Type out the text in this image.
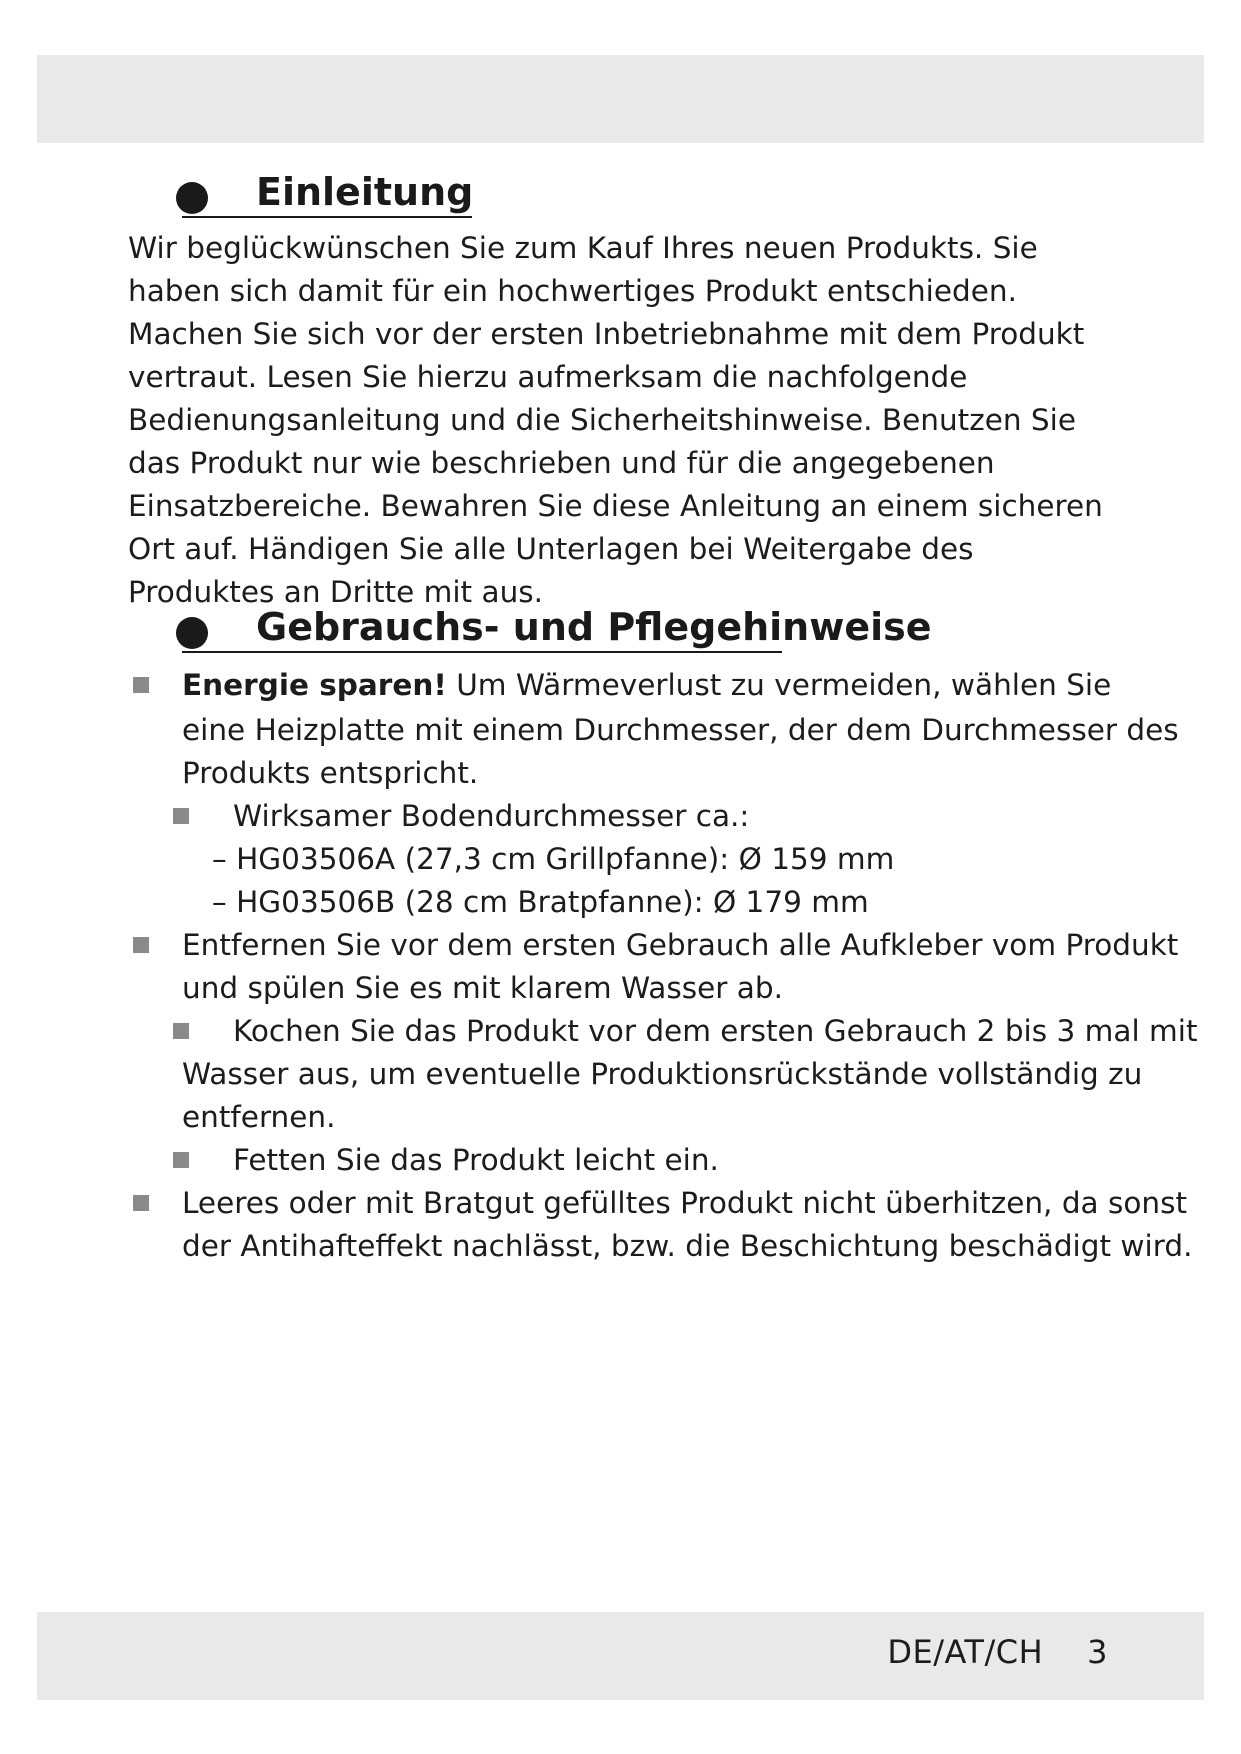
Einleitung

Wir beglückwünschen Sie zum Kauf Ihres neuen Produkts. Sie haben sich damit für ein hochwertiges Produkt entschieden. Machen Sie sich vor der ersten Inbetriebnahme mit dem Produkt vertraut. Lesen Sie hierzu aufmerksam die nachfolgende Bedienungsanleitung und die Sicherheitshinweise. Benutzen Sie das Produkt nur wie beschrieben und für die angegebenen Einsatzbereiche. Bewahren Sie diese Anleitung an einem sicheren Ort auf. Händigen Sie alle Unterlagen bei Weitergabe des Produktes an Dritte mit aus.

Gebrauchs- und Pflegehinweise
Energie sparen! Um Wärmeverlust zu vermeiden, wählen Sie
eine Heizplatte mit einem Durchmesser, der dem Durchmesser des
Produkts entspricht.
Wirksamer Bodendurchmesser ca.:
– HG03506A (27,3 cm Grillpfanne): Ø 159 mm
– HG03506B (28 cm Bratpfanne): Ø 179 mm
Entfernen Sie vor dem ersten Gebrauch alle Aufkleber vom Produkt
und spülen Sie es mit klarem Wasser ab.
Kochen Sie das Produkt vor dem ersten Gebrauch 2 bis 3 mal mit
Wasser aus, um eventuelle Produktionsrückstände vollständig zu
entfernen.
Fetten Sie das Produkt leicht ein.
Leeres oder mit Bratgut gefülltes Produkt nicht überhitzen, da sonst
der Antihafteffekt nachlässt, bzw. die Beschichtung beschädigt wird.
DE/AT/CH 3
